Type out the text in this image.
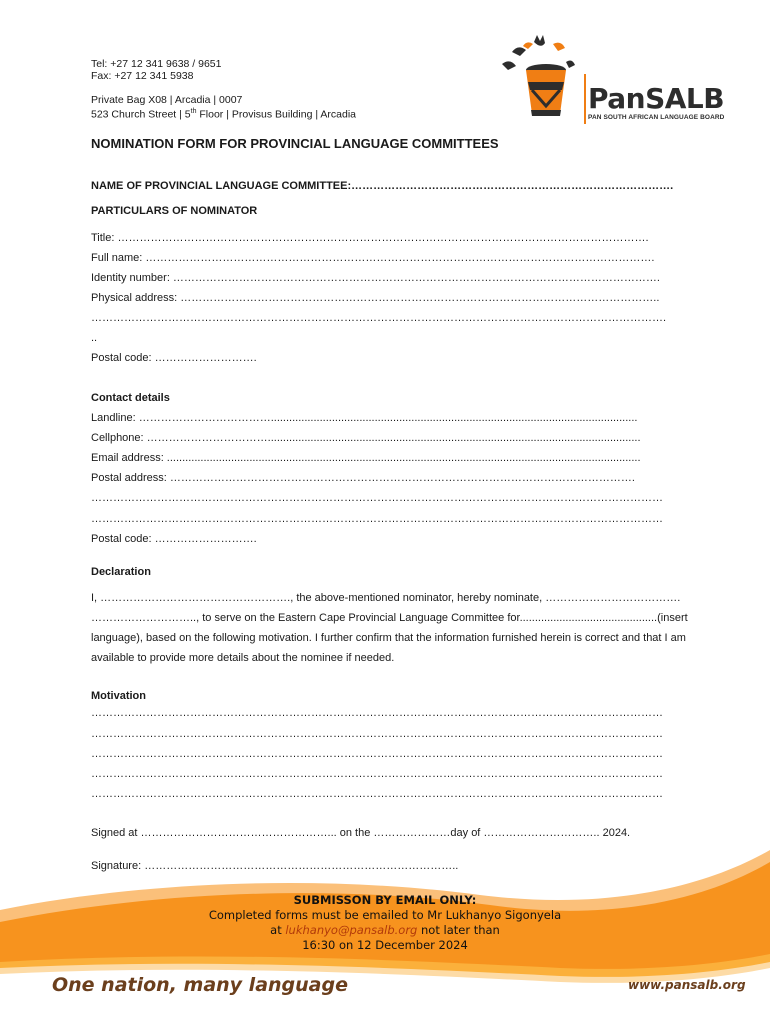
Tel: +27 12 341 9638 / 9651
Fax: +27 12 341 5938
Private Bag X08 | Arcadia | 0007
523 Church Street | 5th Floor | Provisus Building | Arcadia	PanSALB
PAN SOUTH AFRICAN LANGUAGE BOARD
NOMINATION FORM FOR PROVINCIAL LANGUAGE COMMITTEES
NAME OF PROVINCIAL LANGUAGE COMMITTEE:…………………………………………………………………………….
PARTICULARS OF NOMINATOR
Title: ……………………………………………………………………………………………………………………………….
Full name: ………………………………………………………………………………………………………………………….
Identity number: …………………………………………………………………………………………………………………….
Physical address: …………………………………………………………………………………………………………………..
………………………………………………………………………………………………………………………………………….
..
Postal code: ……………………….
Contact details
Landline: ………………………………........................................................................................................................
Cellphone: ……………………………..........................................................................................................................
Email address: ...........................................................................................................................................................
Postal address: ……………………………………………………………………………………………………………….
…………………………………………………………………………………………………………………………………………
…………………………………………………………………………………………………………………………………………
Postal code: ……………………….
Declaration
I, ……………………………………………., the above-mentioned nominator, hereby nominate, ……………………………….
……………………….., to serve on the Eastern Cape Provincial Language Committee for.............................................(insert
language), based on the following motivation. I further confirm that the information furnished herein is correct and that I am
available to provide more details about the nominee if needed.
Motivation
…………………………………………………………………………………………………………………………………………
…………………………………………………………………………………………………………………………………………
…………………………………………………………………………………………………………………………………………
…………………………………………………………………………………………………………………………………………
…………………………………………………………………………………………………………………………………………
Signed at ……………………………………………... on the …………………day of ………………………….. 2024.
Signature: …………………………………………………………………………..
SUBMISSON BY EMAIL ONLY:
Completed forms must be emailed to Mr Lukhanyo Sigonyela
at lukhanyo@pansalb.org not later than
16:30 on 12 December 2024
One nation, many language	www.pansalb.org
